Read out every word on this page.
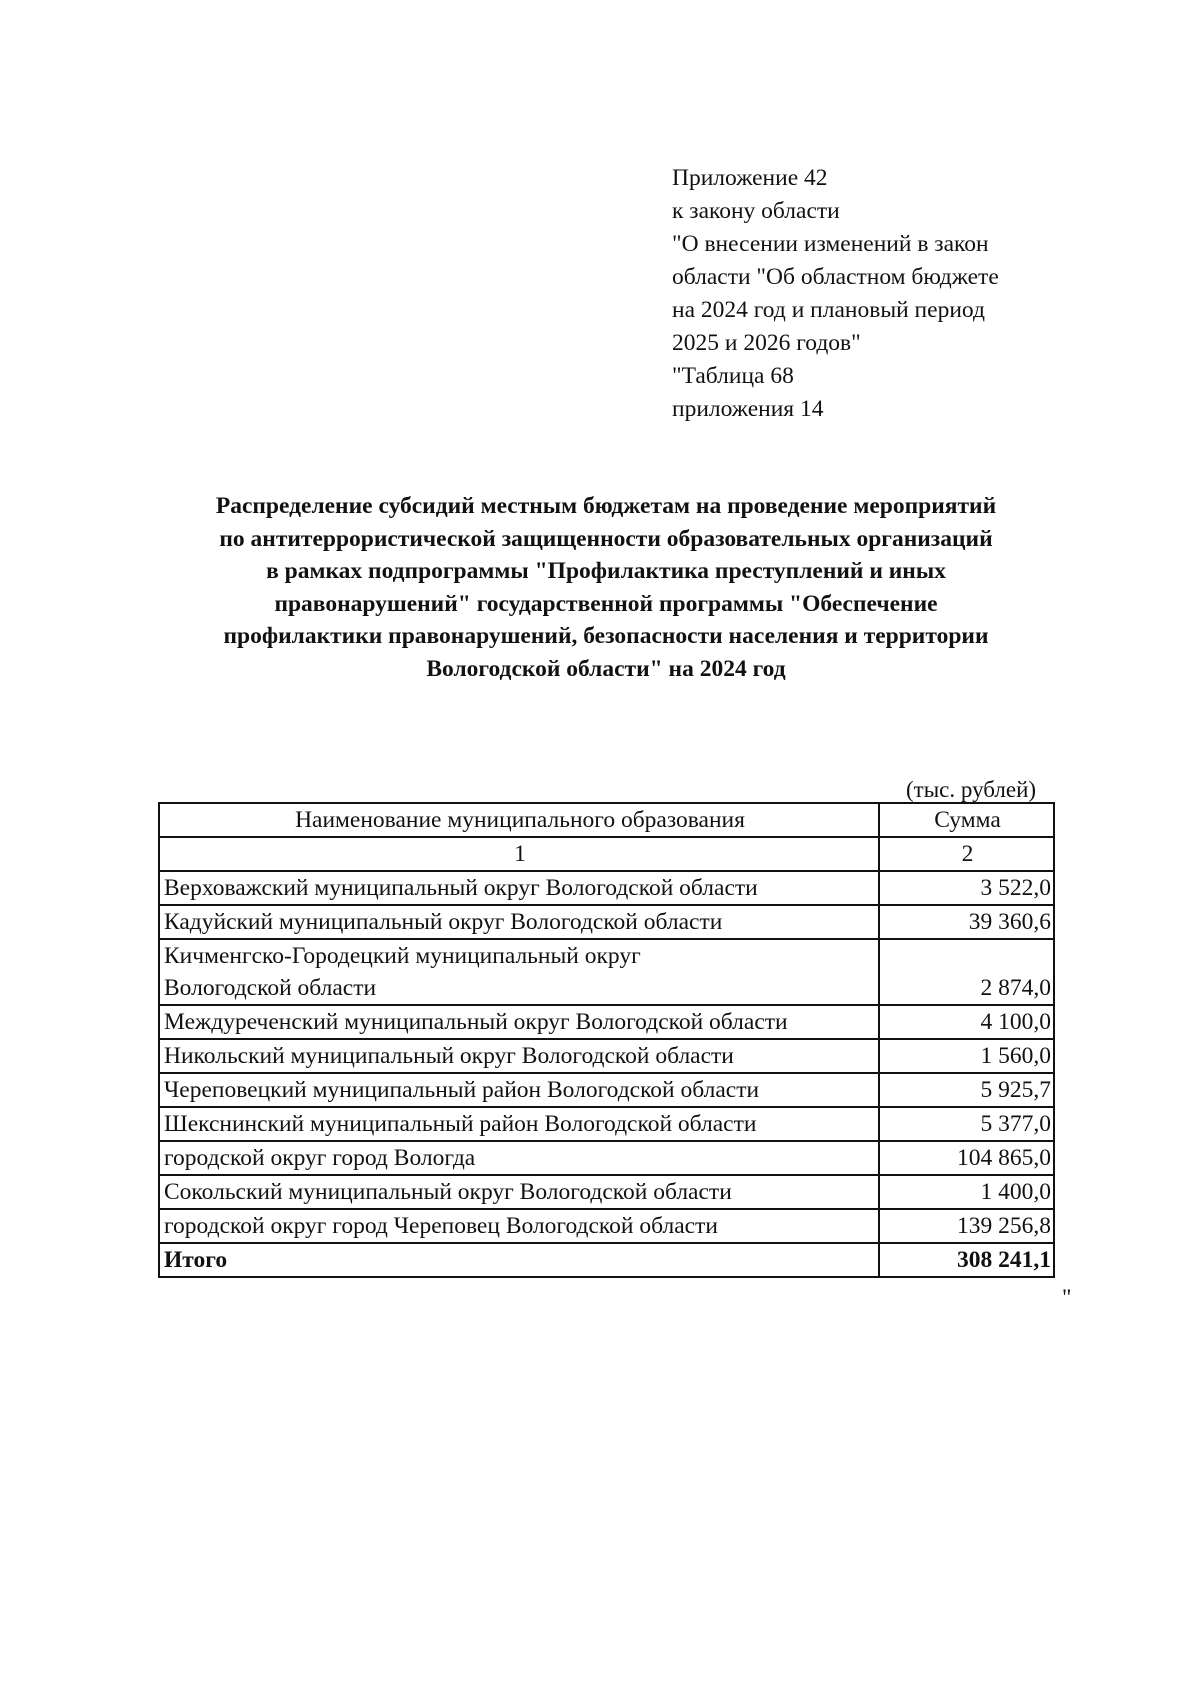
Приложение 42
к закону области
"О внесении изменений в закон
области "Об областном бюджете
на 2024 год и плановый период
2025 и 2026 годов"
"Таблица 68
приложения 14
Распределение субсидий местным бюджетам на проведение мероприятий
по антитеррористической защищенности образовательных организаций
в рамках подпрограммы "Профилактика преступлений и иных
правонарушений" государственной программы "Обеспечение
профилактики правонарушений, безопасности населения и территории
Вологодской области" на 2024 год
(тыс. рублей)
Наименование муниципального образования	Сумма
1	2
Верховажский муниципальный округ Вологодской области	3 522,0
Кадуйский муниципальный округ Вологодской области	39 360,6

Кичменгско-Городецкий муниципальный округ
Вологодской области	2 874,0
Междуреченский муниципальный округ Вологодской области	4 100,0
Никольский муниципальный округ Вологодской области	1 560,0
Череповецкий муниципальный район Вологодской области	5 925,7
Шекснинский муниципальный район Вологодской области	5 377,0
городской округ город Вологда	104 865,0
Сокольский муниципальный округ Вологодской области	1 400,0
городской округ город Череповец Вологодской области	139 256,8
Итого	308 241,1
"
